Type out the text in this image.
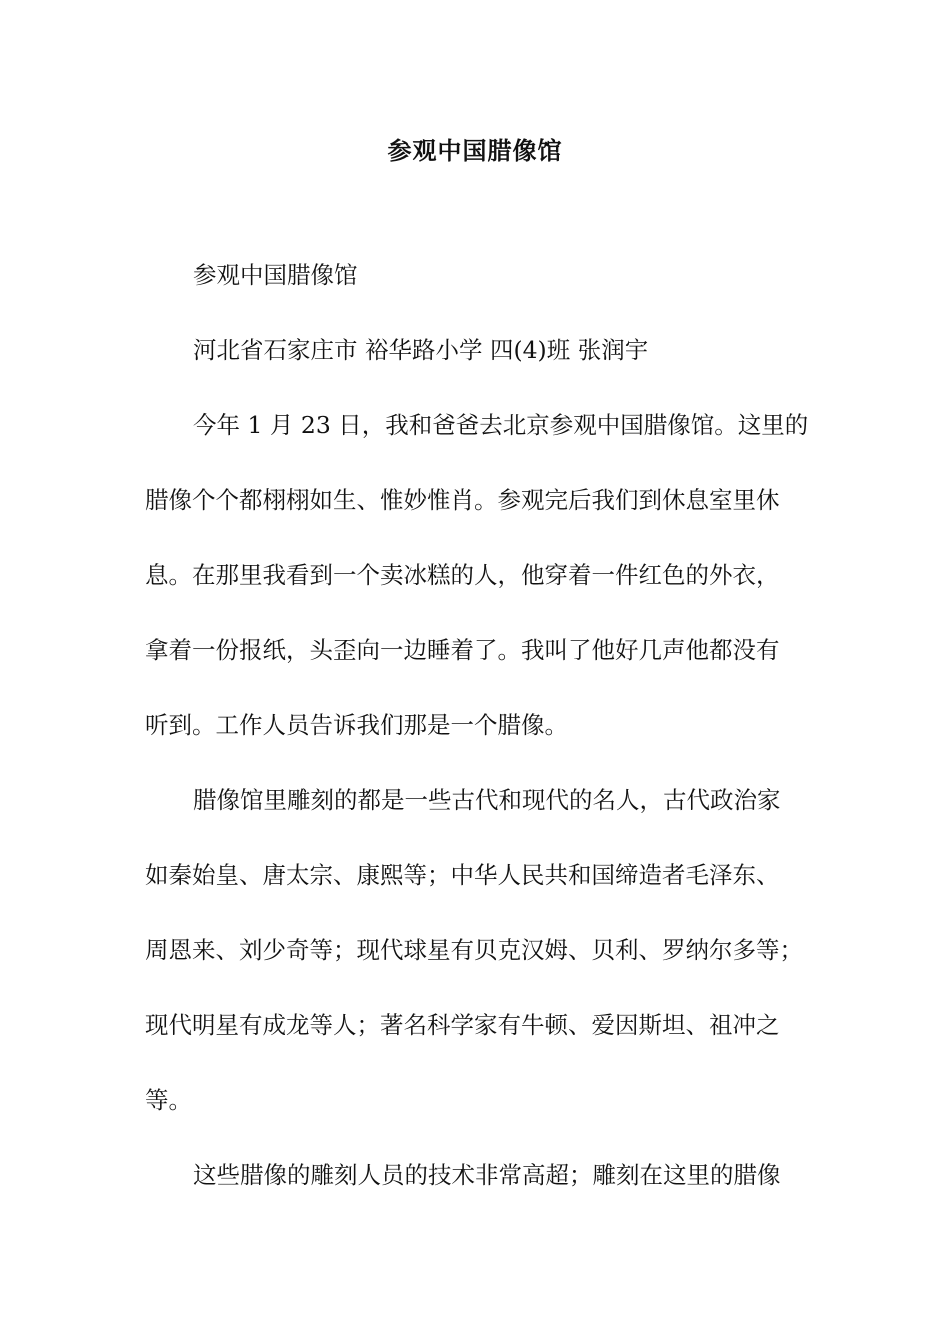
参观中国腊像馆
参观中国腊像馆
河北省石家庄市 裕华路小学 四(4)班 张润宇
今年 1 月 23 日，我和爸爸去北京参观中国腊像馆。这里的
腊像个个都栩栩如生、惟妙惟肖。参观完后我们到休息室里休
息。在那里我看到一个卖冰糕的人，他穿着一件红色的外衣，
拿着一份报纸，头歪向一边睡着了。我叫了他好几声他都没有
听到。工作人员告诉我们那是一个腊像。
腊像馆里雕刻的都是一些古代和现代的名人，古代政治家
如秦始皇、唐太宗、康熙等；中华人民共和国缔造者毛泽东、
周恩来、刘少奇等；现代球星有贝克汉姆、贝利、罗纳尔多等；
现代明星有成龙等人；著名科学家有牛顿、爱因斯坦、祖冲之
等。
这些腊像的雕刻人员的技术非常高超；雕刻在这里的腊像
